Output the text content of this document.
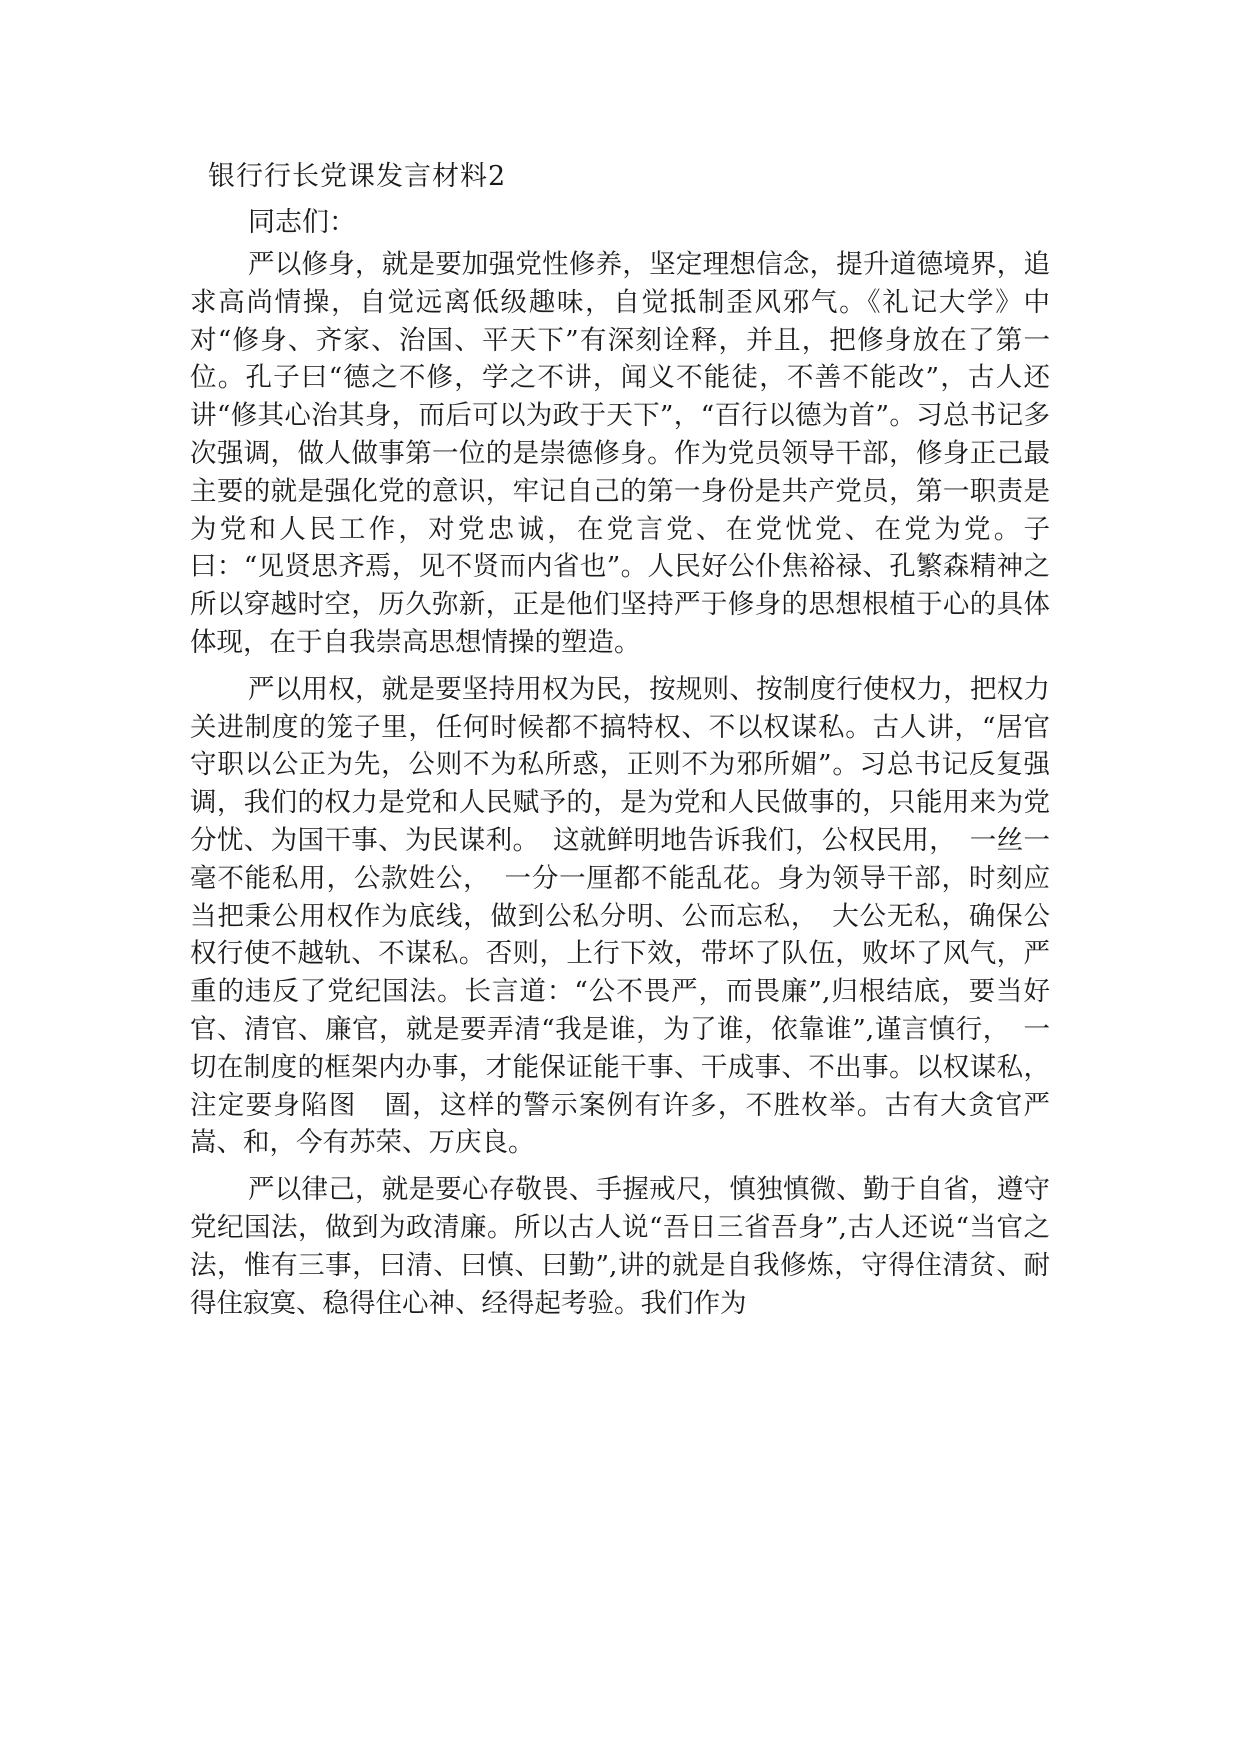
银行行长党课发言材料2

同志们：

严以修身，就是要加强党性修养，坚定理想信念，提升道德境界，追求高尚情操，自觉远离低级趣味，自觉抵制歪风邪气。《礼记大学》中对“修身、齐家、治国、平天下”有深刻诠释，并且，把修身放在了第一位。孔子曰“德之不修，学之不讲，闻义不能徒，不善不能改”，古人还讲“修其心治其身，而后可以为政于天下”，“百行以德为首”。习总书记多次强调，做人做事第一位的是崇德修身。作为党员领导干部，修身正己最主要的就是强化党的意识，牢记自己的第一身份是共产党员，第一职责是为党和人民工作，对党忠诚，在党言党、在党忧党、在党为党。子曰：“见贤思齐焉，见不贤而内省也”。人民好公仆焦裕禄、孔繁森精神之所以穿越时空，历久弥新，正是他们坚持严于修身的思想根植于心的具体体现，在于自我崇高思想情操的塑造。

严以用权，就是要坚持用权为民，按规则、按制度行使权力，把权力关进制度的笼子里，任何时候都不搞特权、不以权谋私。古人讲，“居官守职以公正为先，公则不为私所惑，正则不为邪所媚”。习总书记反复强调，我们的权力是党和人民赋予的，是为党和人民做事的，只能用来为党分忧、为国干事、为民谋利。　这就鲜明地告诉我们，公权民用，　一丝一毫不能私用，公款姓公，　一分一厘都不能乱花。身为领导干部，时刻应当把秉公用权作为底线，做到公私分明、公而忘私，　大公无私，确保公权行使不越轨、不谋私。否则，上行下效，带坏了队伍，败坏了风气，严重的违反了党纪国法。长言道：“公不畏严，而畏廉”,归根结底，要当好官、清官、廉官，就是要弄清“我是谁，为了谁，依靠谁”,谨言慎行，　一切在制度的框架内办事，才能保证能干事、干成事、不出事。以权谋私，注定要身陷图　圄，这样的警示案例有许多，不胜枚举。古有大贪官严嵩、和，今有苏荣、万庆良。

严以律己，就是要心存敬畏、手握戒尺，慎独慎微、勤于自省，遵守党纪国法，做到为政清廉。所以古人说“吾日三省吾身”,古人还说“当官之法，惟有三事，曰清、曰慎、曰勤”,讲的就是自我修炼，守得住清贫、耐得住寂寞、稳得住心神、经得起考验。我们作为
